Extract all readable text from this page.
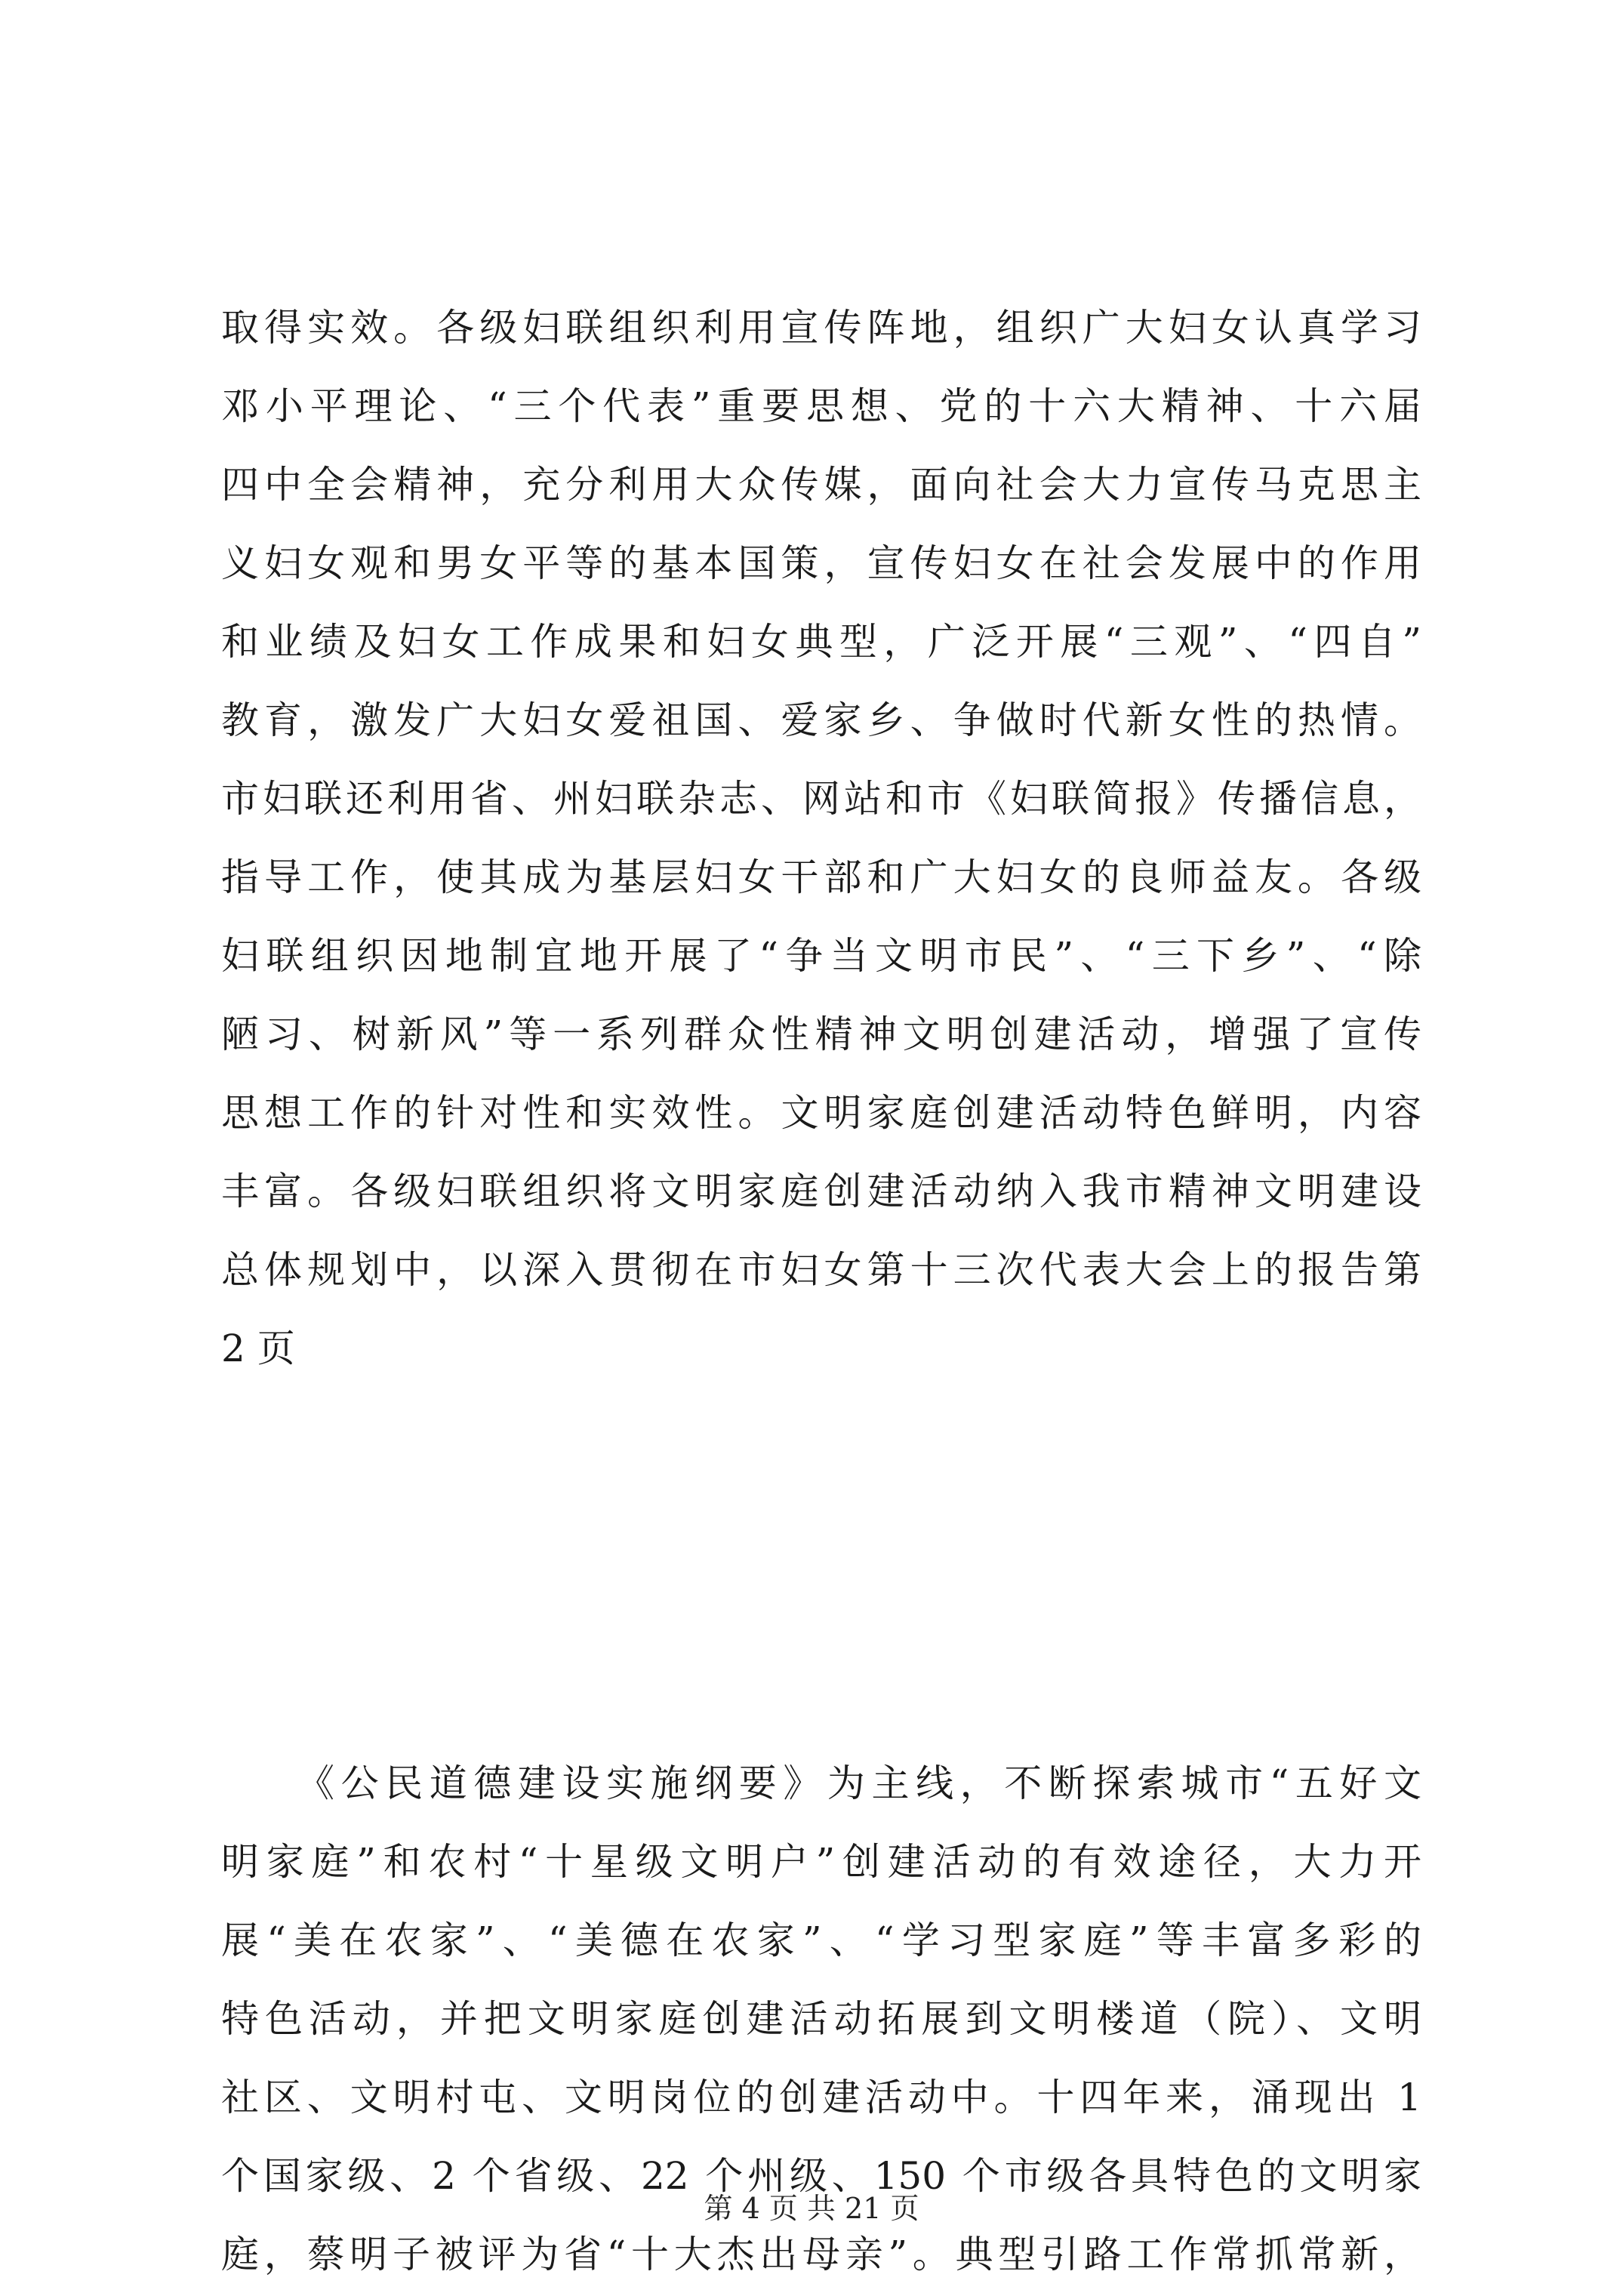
取得实效。各级妇联组织利用宣传阵地，组织广大妇女认真学习
邓小平理论、“三个代表”重要思想、党的十六大精神、十六届
四中全会精神，充分利用大众传媒，面向社会大力宣传马克思主
义妇女观和男女平等的基本国策，宣传妇女在社会发展中的作用
和业绩及妇女工作成果和妇女典型，广泛开展“三观”、“四自”
教育，激发广大妇女爱祖国、爱家乡、争做时代新女性的热情。
市妇联还利用省、州妇联杂志、网站和市《妇联简报》传播信息，
指导工作，使其成为基层妇女干部和广大妇女的良师益友。各级
妇联组织因地制宜地开展了“争当文明市民”、“三下乡”、“除
陋习、树新风”等一系列群众性精神文明创建活动，增强了宣传
思想工作的针对性和实效性。文明家庭创建活动特色鲜明，内容
丰富。各级妇联组织将文明家庭创建活动纳入我市精神文明建设
总体规划中，以深入贯彻在市妇女第十三次代表大会上的报告第
2 页
《公民道德建设实施纲要》为主线，不断探索城市“五好文
明家庭”和农村“十星级文明户”创建活动的有效途径，大力开
展“美在农家”、“美德在农家”、“学习型家庭”等丰富多彩的
特色活动，并把文明家庭创建活动拓展到文明楼道（院）、文明
社区、文明村屯、文明岗位的创建活动中。十四年来，涌现出 1
个国家级、2 个省级、22 个州级、150 个市级各具特色的文明家
庭，蔡明子被评为省“十大杰出母亲”。典型引路工作常抓常新，
第 4 页 共 21 页
